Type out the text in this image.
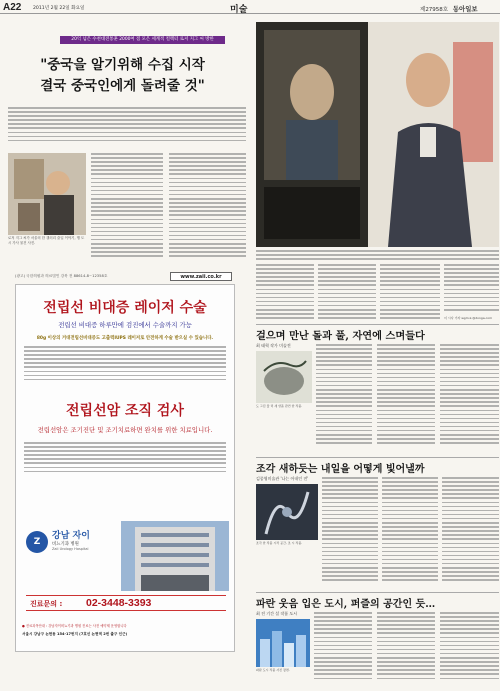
A22	2011년 2월 22일 화요일	미술	제27958호 동아일보
20억 넘은 수천대전통훈 2000여 점 모은 세계적 컬렉터 로저 지그 씨 방한
"중국을 알기위해 수집 시작
결국 중국인에게 돌려줄 것"
로저 지그 씨가 서울의 한 갤러리 출입 이야기, 행 도시 가사 물건 사진.
이 시사 기자 wgm.k.@donga.com
(광고) 국한의원과 의료법인 강북 전 88614-8~12358호	www.zaii.co.kr
전립선 비대증 레이저 수술
전립선 비대증 하루만에 검진에서 수술까지 가능
80g 이상의 거대전립선비대증도 고출력IUPS 레이저로 안전하게 수술 받으실 수 있습니다.
전립선암 조직 검사
전립선암은 조기진단 및 조기치료하면 완치를 위한 치료입니다.
Z
강남 자이
비뇨기과 병원
Zaii Urology Hospital
진료문의 : 02-3448-3393
● 진료과목안내 : 강남자이비뇨기과 병원 진료는 사전 예약제 운영합니다
서울시 강남구 논현동 154-17번지 (7호선 논현역 2번 출구 인근)
걸으며 만난 돌과 풀, 자연에 스며들다
최 태혁 작가 미술전
도 그림 물 리 새 상품 관련 한 작품.
조각 새하듯는 내일을 어떻게 빛어낼까
김종영미술관 '나는 아내인 전'
조각 한 작품 시작 공간, 조 시 작품.
파란 웃음 입은 도시, 퍼즐의 공간인 듯…
최 전 기간 설 작품 도시
파란 도시 작품 사진 장면.
